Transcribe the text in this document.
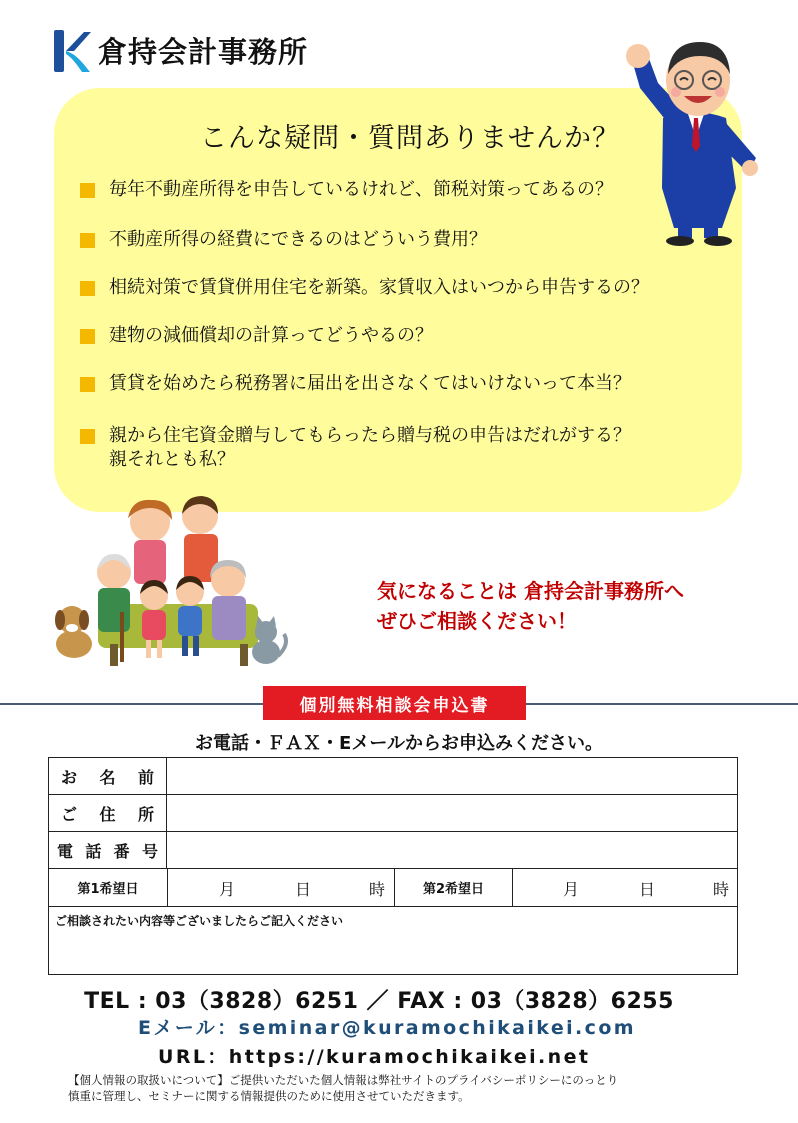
倉持会計事務所
こんな疑問・質問ありませんか？
毎年不動産所得を申告しているけれど、節税対策ってあるの？
不動産所得の経費にできるのはどういう費用？
相続対策で賃貸併用住宅を新築。家賃収入はいつから申告するの？
建物の減価償却の計算ってどうやるの？
賃貸を始めたら税務署に届出を出さなくてはいけないって本当？
親から住宅資金贈与してもらったら贈与税の申告はだれがする？
親それとも私？
気になることは 倉持会計事務所へ
ぜひご相談ください！
個別無料相談会申込書
お電話・ＦＡＸ・Eメールからお申込みください。
お 名 前
ご 住 所
電 話 番 号
第1希望日	月	日	時	第2希望日	月	日	時
ご相談されたい内容等ございましたらご記入ください
TEL : 03（3828）6251 ／ FAX : 03（3828）6255
Eメール：seminar@kuramochikaikei.com
URL：https://kuramochikaikei.net
【個人情報の取扱いについて】ご提供いただいた個人情報は弊社サイトのプライバシーポリシーにのっとり
慎重に管理し、セミナーに関する情報提供のために使用させていただきます。
